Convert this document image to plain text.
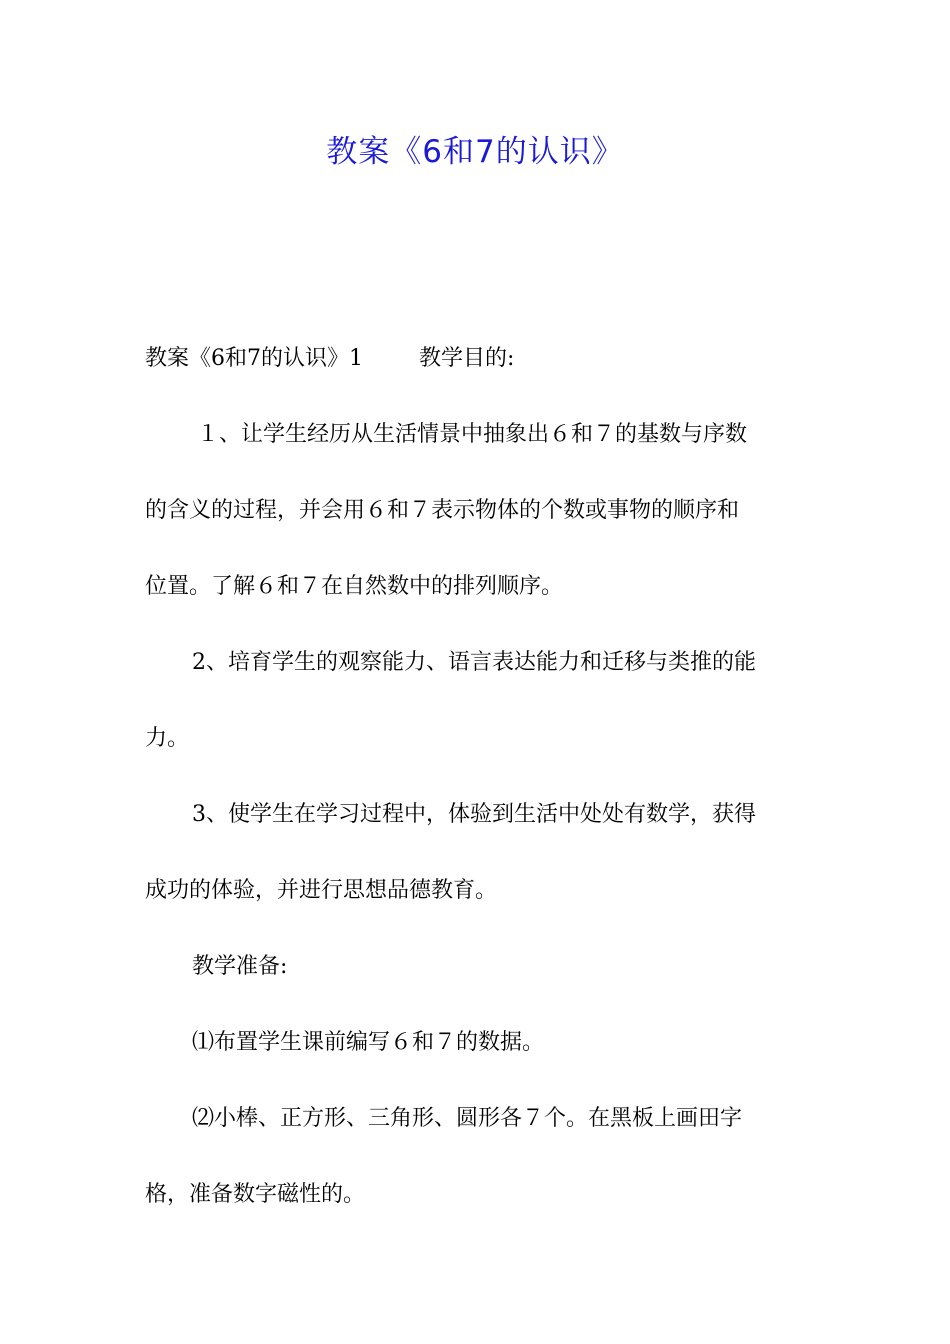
教案《6和7的认识》
教案《6和7的认识》1	教学目的:
１、让学生经历从生活情景中抽象出６和７的基数与序数
的含义的过程，并会用６和７表示物体的个数或事物的顺序和
位置。了解６和７在自然数中的排列顺序。
2、培育学生的观察能力、语言表达能力和迁移与类推的能
力。
3、使学生在学习过程中，体验到生活中处处有数学，获得
成功的体验，并进行思想品德教育。
教学准备:
⑴布置学生课前编写６和７的数据。
⑵小棒、正方形、三角形、圆形各７个。在黑板上画田字
格，准备数字磁性的。
